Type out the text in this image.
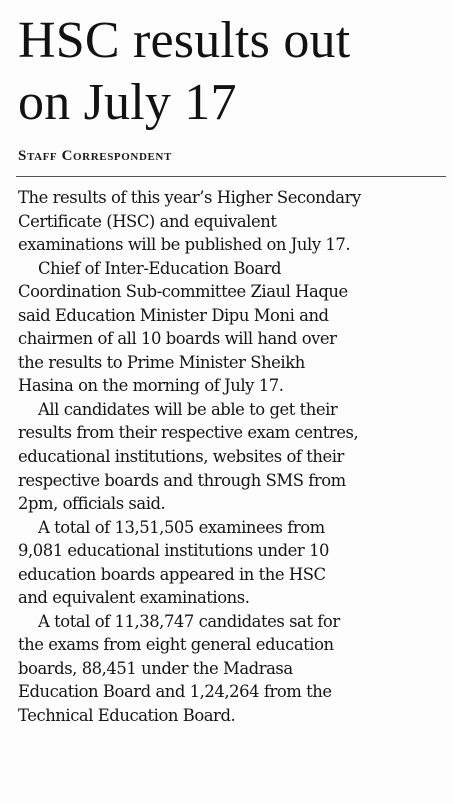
HSC results out
on July 17
Staff Correspondent

The results of this year’s Higher Secondary
Certificate (HSC) and equivalent
examinations will be published on July 17.

Chief of Inter-Education Board
Coordination Sub-committee Ziaul Haque
said Education Minister Dipu Moni and
chairmen of all 10 boards will hand over
the results to Prime Minister Sheikh
Hasina on the morning of July 17.

All candidates will be able to get their
results from their respective exam centres,
educational institutions, websites of their
respective boards and through SMS from
2pm, officials said.

A total of 13,51,505 examinees from
9,081 educational institutions under 10
education boards appeared in the HSC
and equivalent examinations.

A total of 11,38,747 candidates sat for
the exams from eight general education
boards, 88,451 under the Madrasa
Education Board and 1,24,264 from the
Technical Education Board.
